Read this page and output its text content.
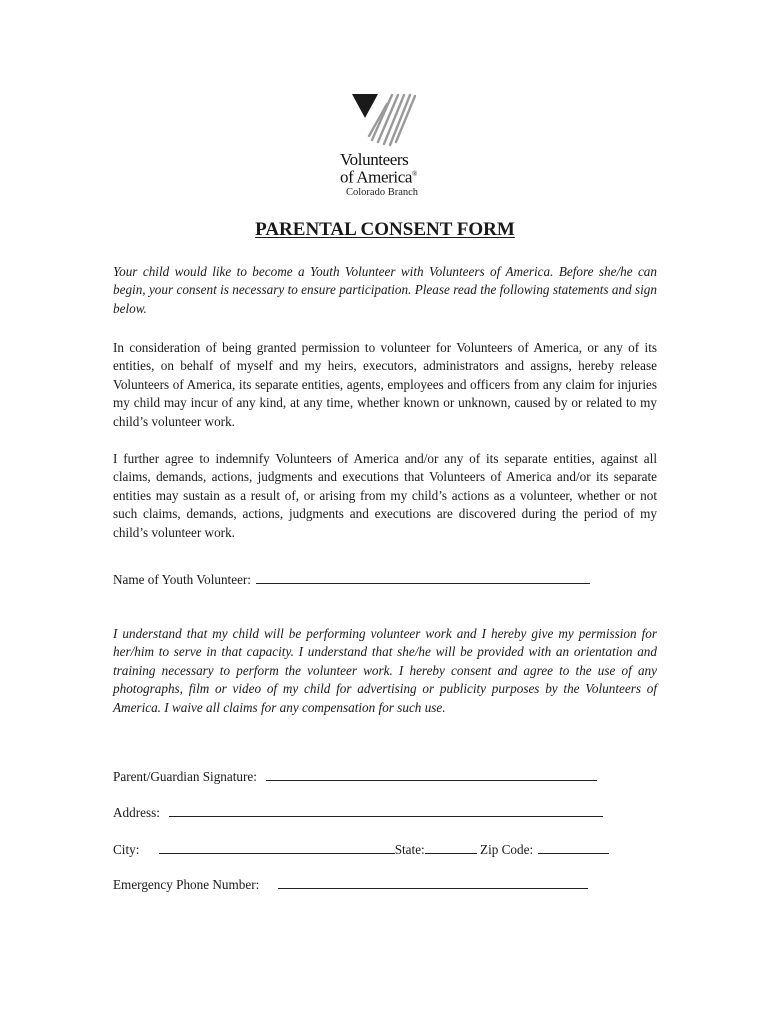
Volunteers
of America®
Colorado Branch
PARENTAL CONSENT FORM

Your child would like to become a Youth Volunteer with Volunteers of America. Before she/he can begin, your consent is necessary to ensure participation. Please read the following statements and sign below.

In consideration of being granted permission to volunteer for Volunteers of America, or any of its entities, on behalf of myself and my heirs, executors, administrators and assigns, hereby release Volunteers of America, its separate entities, agents, employees and officers from any claim for injuries my child may incur of any kind, at any time, whether known or unknown, caused by or related to my child’s volunteer work.

I further agree to indemnify Volunteers of America and/or any of its separate entities, against all claims, demands, actions, judgments and executions that Volunteers of America and/or its separate entities may sustain as a result of, or arising from my child’s actions as a volunteer, whether or not such claims, demands, actions, judgments and executions are discovered during the period of my child’s volunteer work.

Name of Youth Volunteer:

I understand that my child will be performing volunteer work and I hereby give my permission for her/him to serve in that capacity. I understand that she/he will be provided with an orientation and training necessary to perform the volunteer work. I hereby consent and agree to the use of any photographs, film or video of my child for advertising or publicity purposes by the Volunteers of America. I waive all claims for any compensation for such use.

Parent/Guardian Signature:
Address:
City:	State:	Zip Code:
Emergency Phone Number:
